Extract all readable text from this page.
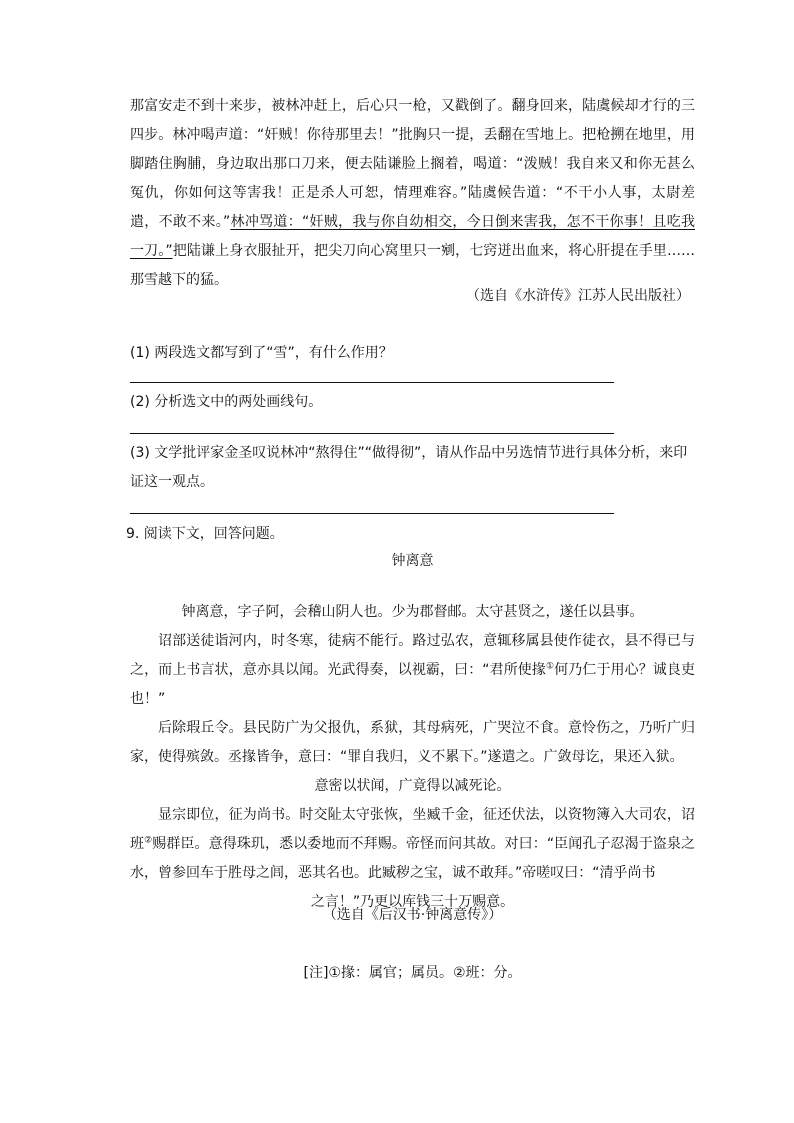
那富安走不到十来步，被林冲赶上，后心只一枪，又戳倒了。翻身回来，陆虞候却才行的三四步。林冲喝声道：“奸贼！你待那里去！”批胸只一提，丢翻在雪地上。把枪搠在地里，用脚踏住胸脯，身边取出那口刀来，便去陆谦脸上搁着，喝道：“泼贼！我自来又和你无甚么冤仇，你如何这等害我！正是杀人可恕，情理难容。”陆虞候告道：“不干小人事，太尉差遣，不敢不来。”林冲骂道：“奸贼，我与你自幼相交，今日倒来害我，怎不干你事！且吃我一刀。”把陆谦上身衣服扯开，把尖刀向心窝里只一剜，七窍迸出血来，将心肝提在手里……那雪越下的猛。
（选自《水浒传》江苏人民出版社）
(1) 两段选文都写到了“雪”，有什么作用？
(2) 分析选文中的两处画线句。
(3) 文学批评家金圣叹说林冲“熬得住”“做得彻”，请从作品中另选情节进行具体分析，来印证这一观点。
9. 阅读下文，回答问题。
钟离意

钟离意，字子阿，会稽山阴人也。少为郡督邮。太守甚贤之，遂任以县事。

诏部送徒诣河内，时冬寒，徒病不能行。路过弘农，意辄移属县使作徒衣，县不得已与之，而上书言状，意亦具以闻。光武得奏，以视霸，曰：“君所使掾①何乃仁于用心？诚良吏也！”

后除瑕丘令。县民防广为父报仇，系狱，其母病死，广哭泣不食。意怜伤之，乃听广归家，使得殡敛。丞掾皆争，意曰：“罪自我归，义不累下。”遂遣之。广敛母讫，果还入狱。

意密以状闻，广竟得以减死论。

显宗即位，征为尚书。时交阯太守张恢，坐臧千金，征还伏法，以资物簿入大司农，诏班②赐群臣。意得珠玑，悉以委地而不拜赐。帝怪而问其故。对曰：“臣闻孔子忍渴于盗泉之水，曾参回车于胜母之闾，恶其名也。此臧秽之宝，诚不敢拜。”帝嗟叹曰：“清乎尚书

之言！”乃更以库钱三十万赐意。

（选自《后汉书·钟离意传》）
[注]①掾：属官；属员。②班：分。
